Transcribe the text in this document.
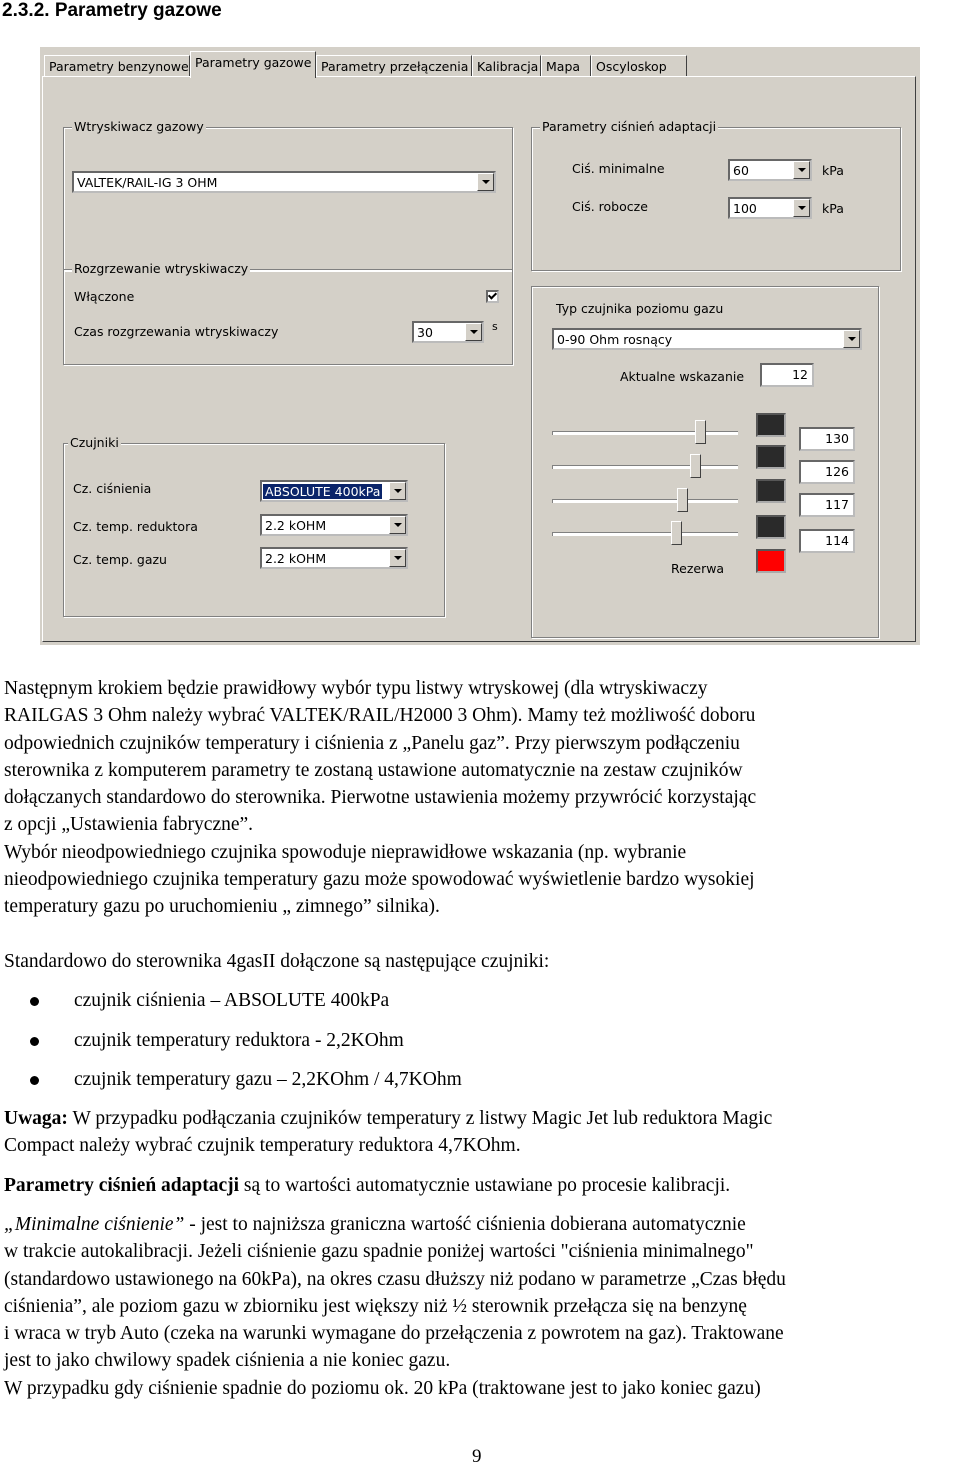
2.3.2. Parametry gazowe
Parametry benzynowe Parametry gazowe Parametry przełączenia Kalibracja Mapa	Oscyloskop
Wtryskiwacz gazowy
VALTEK/RAIL-IG 3 OHM
Parametry ciśnień adaptacji
Ciś. minimalne	60	kPa
Ciś. robocze	100	kPa
Rozgrzewanie wtryskiwaczy
Włączone
Czas rozgrzewania wtryskiwaczy	30	s
Typ czujnika poziomu gazu
0-90 Ohm rosnący
Aktualne wskazanie	12
130
126
117
114
Rezerwa
Czujniki
Cz. ciśnienia	ABSOLUTE 400kPa
Cz. temp. reduktora	2.2 kOHM
Cz. temp. gazu	2.2 kOHM

Następnym krokiem będzie prawidłowy wybór typu listwy wtryskowej (dla wtryskiwaczy

RAILGAS 3 Ohm należy wybrać VALTEK/RAIL/H2000 3 Ohm). Mamy też możliwość doboru

odpowiednich czujników temperatury i ciśnienia z „Panelu gaz”. Przy pierwszym podłączeniu

sterownika z komputerem parametry te zostaną ustawione automatycznie na zestaw czujników

dołączanych standardowo do sterownika. Pierwotne ustawienia możemy przywrócić korzystając

z opcji „Ustawienia fabryczne”.

Wybór nieodpowiedniego czujnika spowoduje nieprawidłowe wskazania (np. wybranie

nieodpowiedniego czujnika temperatury gazu może spowodować wyświetlenie bardzo wysokiej

temperatury gazu po uruchomieniu „ zimnego” silnika).

Standardowo do sterownika 4gasII dołączone są następujące czujniki:

czujnik ciśnienia – ABSOLUTE 400kPa
czujnik temperatury reduktora - 2,2KOhm
czujnik temperatury gazu – 2,2KOhm / 4,7KOhm

Uwaga: W przypadku podłączania czujników temperatury z listwy Magic Jet lub reduktora Magic

Compact należy wybrać czujnik temperatury reduktora 4,7KOhm.

Parametry ciśnień adaptacji są to wartości automatycznie ustawiane po procesie kalibracji.

„Minimalne ciśnienie” - jest to najniższa graniczna wartość ciśnienia dobierana automatycznie

w trakcie autokalibracji. Jeżeli ciśnienie gazu spadnie poniżej wartości "ciśnienia minimalnego"

(standardowo ustawionego na 60kPa), na okres czasu dłuższy niż podano w parametrze „Czas błędu

ciśnienia”, ale poziom gazu w zbiorniku jest większy niż ½ sterownik przełącza się na benzynę

i wraca w tryb Auto (czeka na warunki wymagane do przełączenia z powrotem na gaz). Traktowane

jest to jako chwilowy spadek ciśnienia a nie koniec gazu.

W przypadku gdy ciśnienie spadnie do poziomu ok. 20 kPa (traktowane jest to jako koniec gazu)

9
